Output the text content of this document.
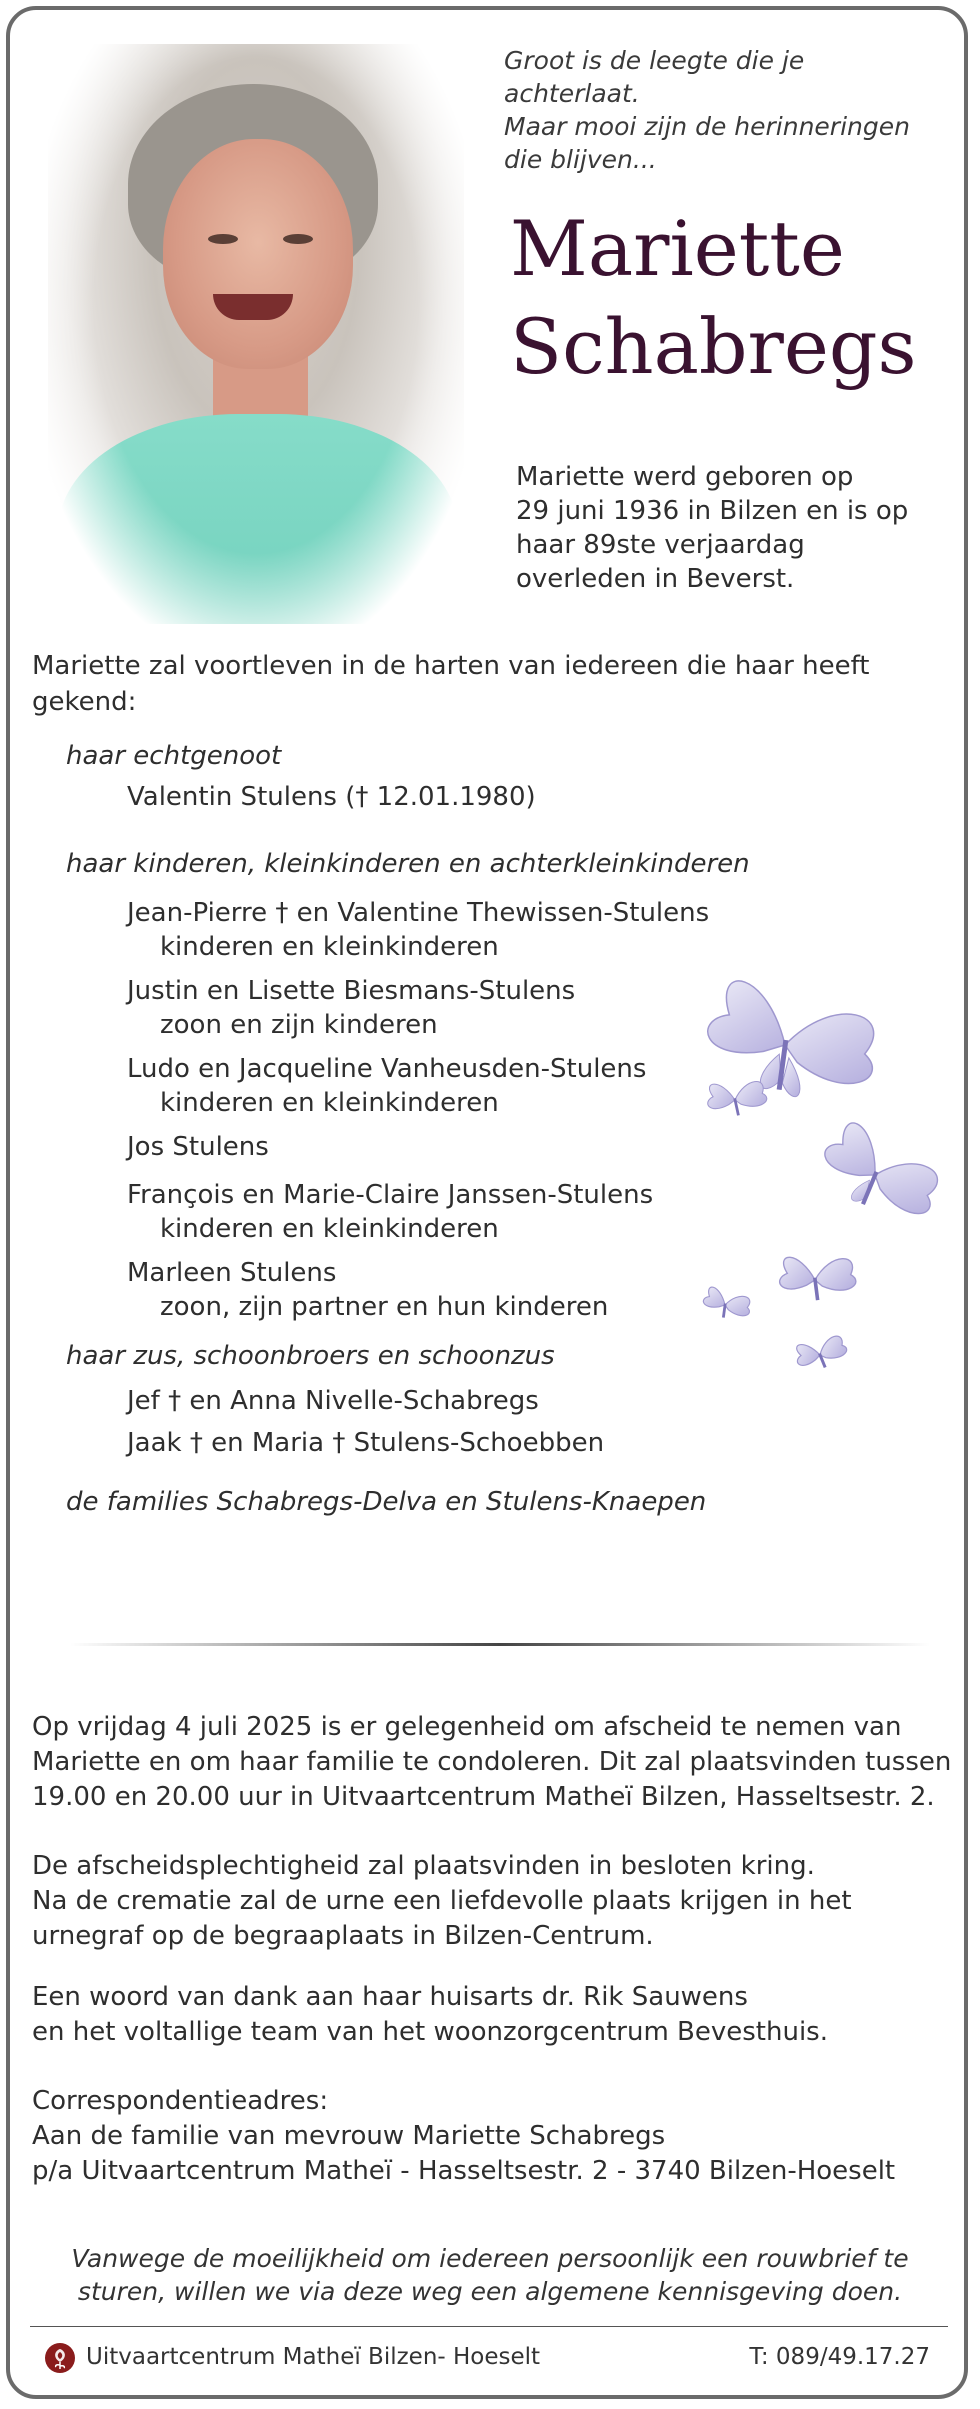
Groot is de leegte die je achterlaat.
Maar mooi zijn de herinneringen
die blijven...
Mariette
Schabregs
Mariette werd geboren op
29 juni 1936 in Bilzen en is op
haar 89ste verjaardag
overleden in Beverst.
Mariette zal voortleven in de harten van iedereen die haar heeft gekend:
haar echtgenoot
Valentin Stulens († 12.01.1980)
haar kinderen, kleinkinderen en achterkleinkinderen
Jean-Pierre † en Valentine Thewissen-Stulens
kinderen en kleinkinderen
Justin en Lisette Biesmans-Stulens
zoon en zijn kinderen
Ludo en Jacqueline Vanheusden-Stulens
kinderen en kleinkinderen
Jos Stulens
François en Marie-Claire Janssen-Stulens
kinderen en kleinkinderen
Marleen Stulens
zoon, zijn partner en hun kinderen
haar zus, schoonbroers en schoonzus
Jef † en Anna Nivelle-Schabregs
Jaak † en Maria † Stulens-Schoebben
de families Schabregs-Delva en Stulens-Knaepen

Op vrijdag 4 juli 2025 is er gelegenheid om afscheid te nemen van
Mariette en om haar familie te condoleren. Dit zal plaatsvinden tussen
19.00 en 20.00 uur in Uitvaartcentrum Matheï Bilzen, Hasseltsestr. 2.

De afscheidsplechtigheid zal plaatsvinden in besloten kring.
Na de crematie zal de urne een liefdevolle plaats krijgen in het
urnegraf op de begraaplaats in Bilzen-Centrum.

Een woord van dank aan haar huisarts dr. Rik Sauwens
en het voltallige team van het woonzorgcentrum Bevesthuis.

Correspondentieadres:
Aan de familie van mevrouw Mariette Schabregs
p/a Uitvaartcentrum Matheï - Hasseltsestr. 2 - 3740 Bilzen-Hoeselt

Vanwege de moeilijkheid om iedereen persoonlijk een rouwbrief te
sturen, willen we via deze weg een algemene kennisgeving doen.
Uitvaartcentrum Matheï Bilzen- Hoeselt	T: 089/49.17.27
